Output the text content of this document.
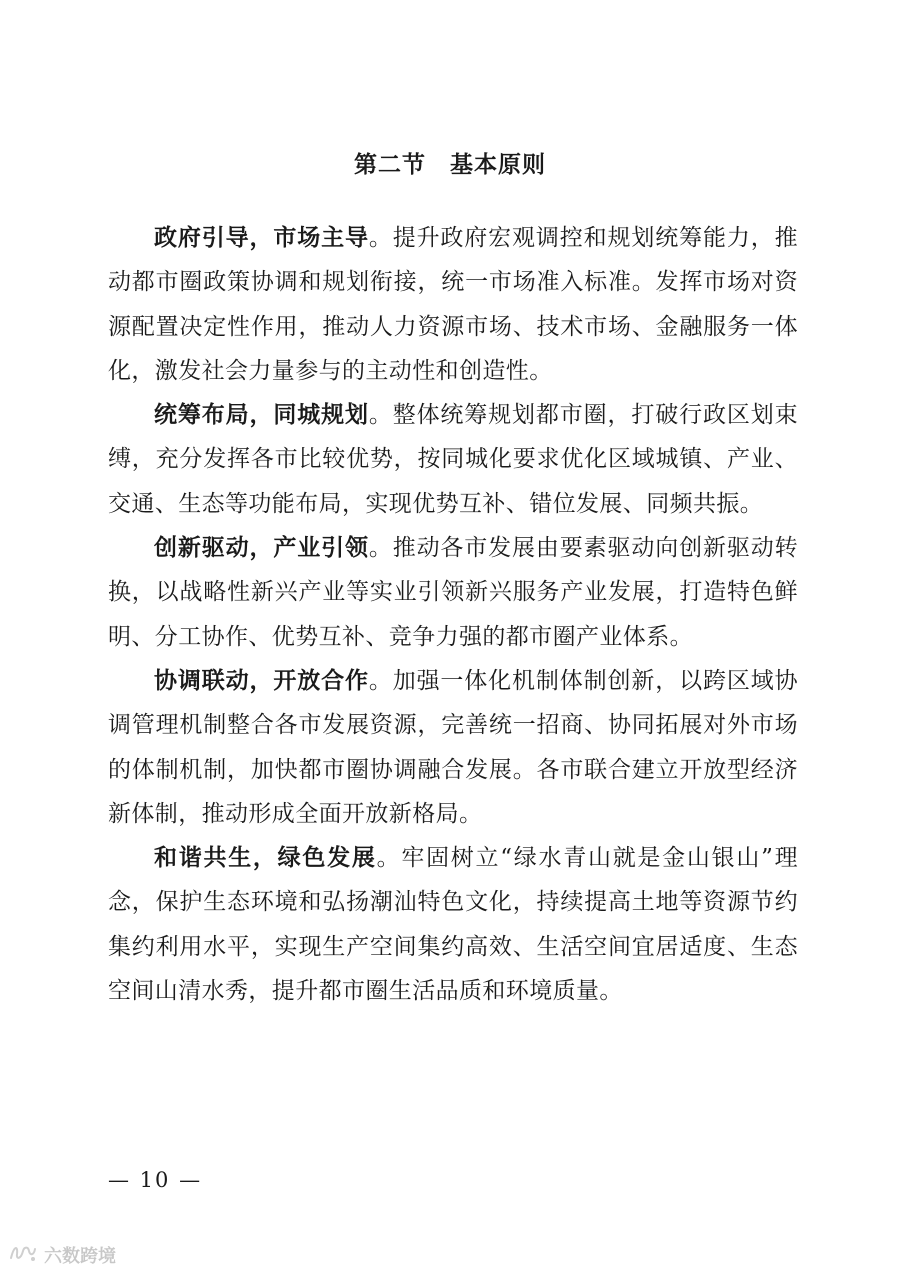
第二节　基本原则

政府引导，市场主导。提升政府宏观调控和规划统筹能力，推动都市圈政策协调和规划衔接，统一市场准入标准。发挥市场对资源配置决定性作用，推动人力资源市场、技术市场、金融服务一体化，激发社会力量参与的主动性和创造性。

统筹布局，同城规划。整体统筹规划都市圈，打破行政区划束缚，充分发挥各市比较优势，按同城化要求优化区域城镇、产业、交通、生态等功能布局，实现优势互补、错位发展、同频共振。

创新驱动，产业引领。推动各市发展由要素驱动向创新驱动转换，以战略性新兴产业等实业引领新兴服务产业发展，打造特色鲜明、分工协作、优势互补、竞争力强的都市圈产业体系。

协调联动，开放合作。加强一体化机制体制创新，以跨区域协调管理机制整合各市发展资源，完善统一招商、协同拓展对外市场的体制机制，加快都市圈协调融合发展。各市联合建立开放型经济新体制，推动形成全面开放新格局。

和谐共生，绿色发展。牢固树立“绿水青山就是金山银山”理念，保护生态环境和弘扬潮汕特色文化，持续提高土地等资源节约集约利用水平，实现生产空间集约高效、生活空间宜居适度、生态空间山清水秀，提升都市圈生活品质和环境质量。

— 10 —
六数跨境
